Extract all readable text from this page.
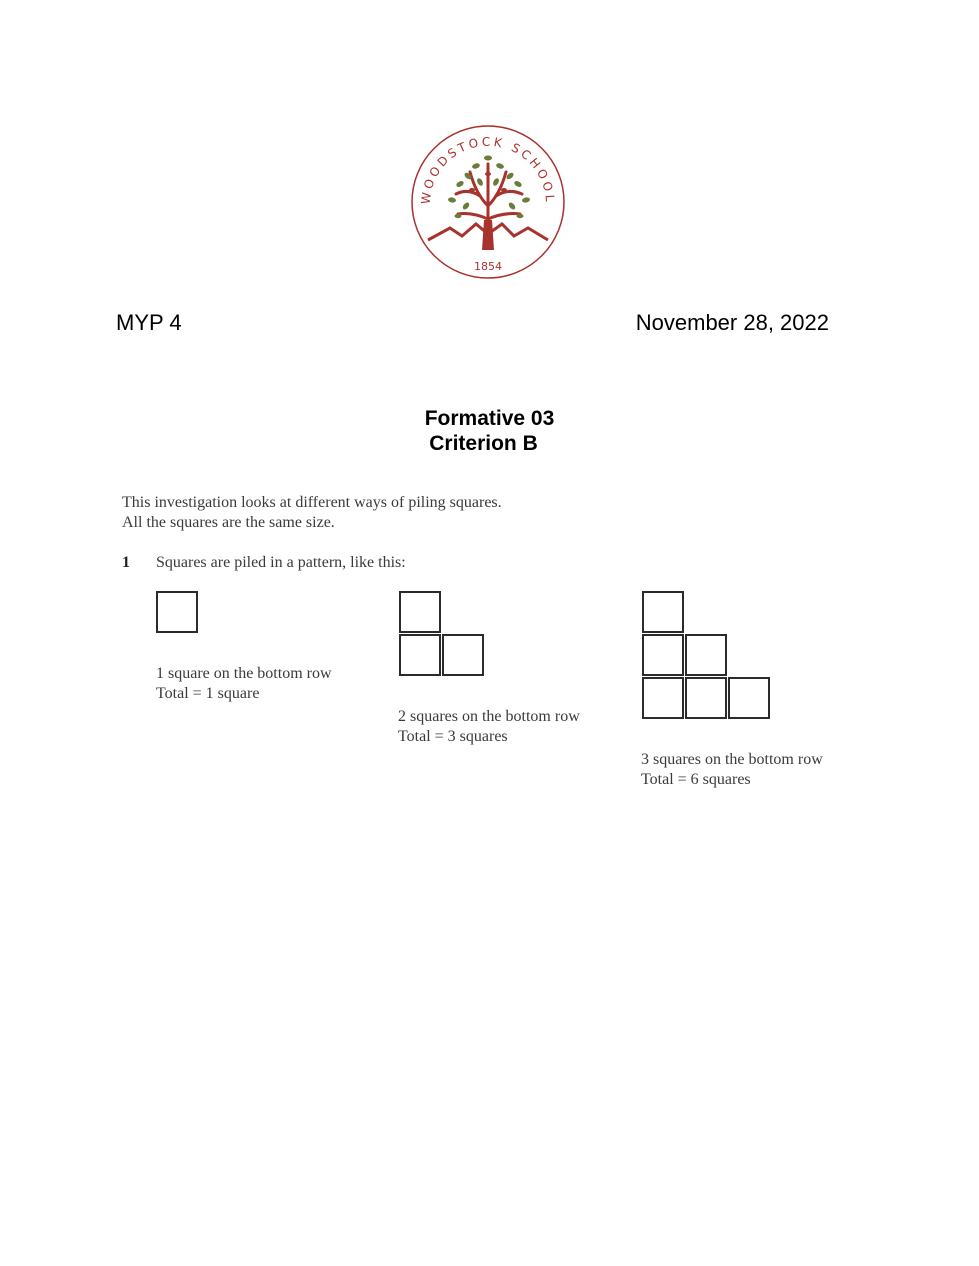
WOODSTOCK SCHOOL
1854

MYP 4	November 28, 2022

Formative 03

Criterion B

This investigation looks at different ways of piling squares.

All the squares are the same size.

1 Squares are piled in a pattern, like this:

1 square on the bottom row

Total = 1 square

2 squares on the bottom row

Total = 3 squares

3 squares on the bottom row

Total = 6 squares
